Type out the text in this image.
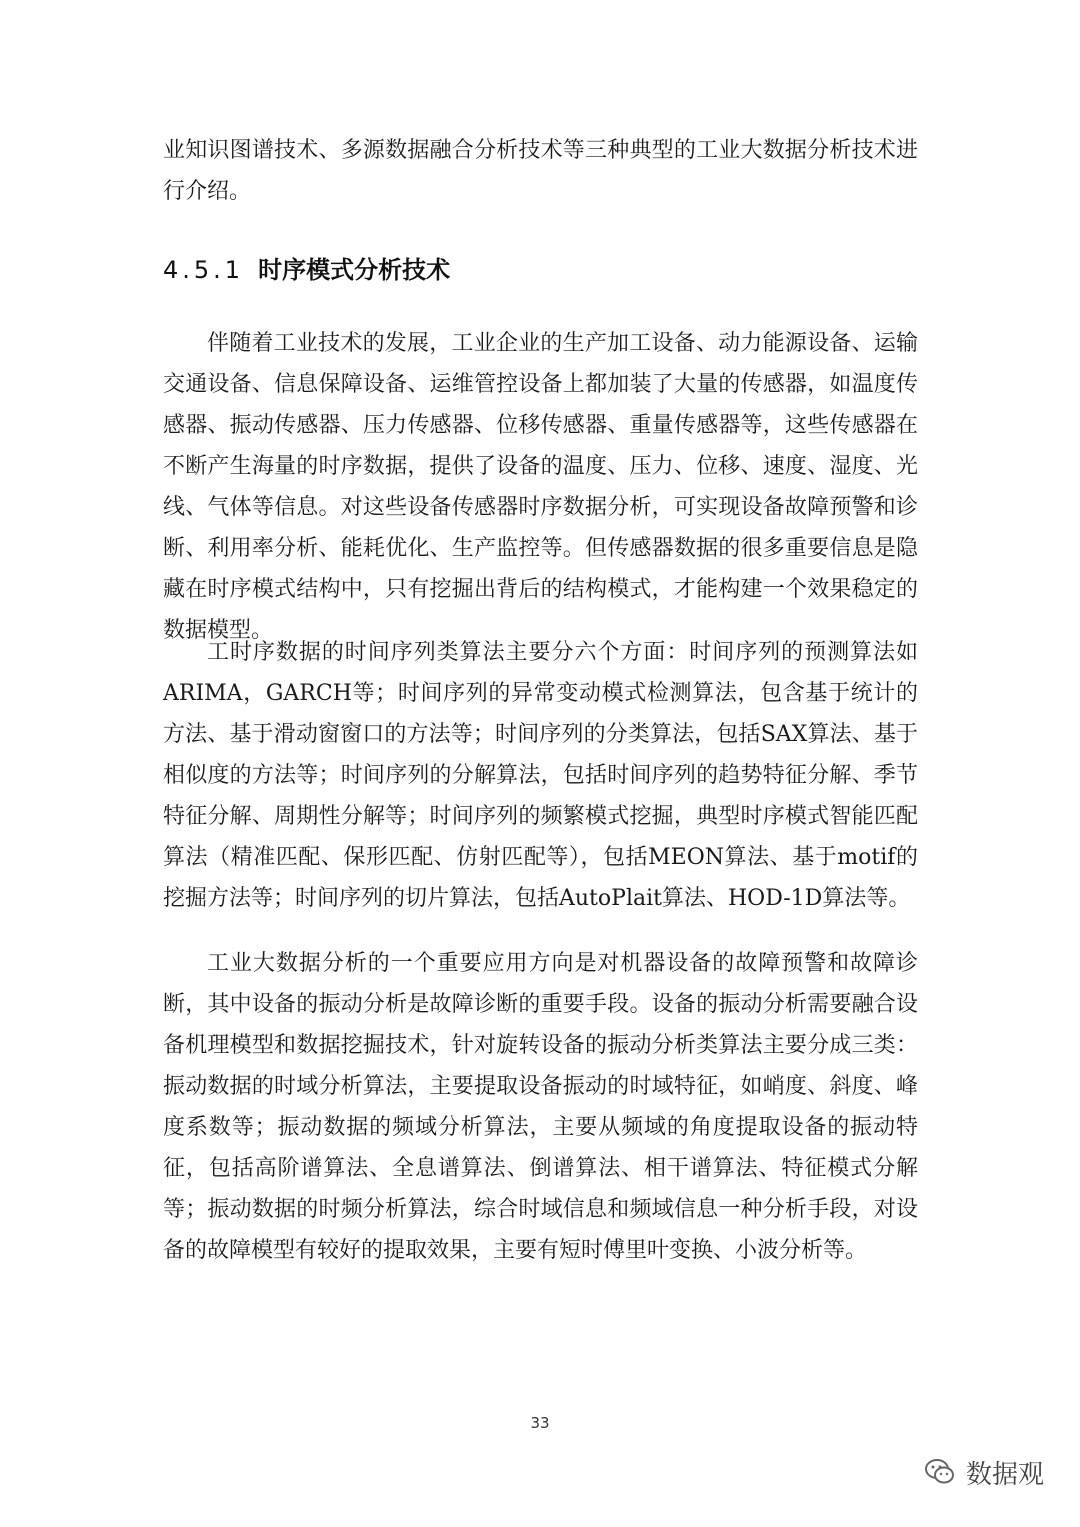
业知识图谱技术、多源数据融合分析技术等三种典型的工业大数据分析技术进行介绍。

4.5.1 时序模式分析技术

伴随着工业技术的发展，工业企业的生产加工设备、动力能源设备、运输交通设备、信息保障设备、运维管控设备上都加装了大量的传感器，如温度传感器、振动传感器、压力传感器、位移传感器、重量传感器等，这些传感器在不断产生海量的时序数据，提供了设备的温度、压力、位移、速度、湿度、光线、气体等信息。对这些设备传感器时序数据分析，可实现设备故障预警和诊断、利用率分析、能耗优化、生产监控等。但传感器数据的很多重要信息是隐藏在时序模式结构中，只有挖掘出背后的结构模式，才能构建一个效果稳定的数据模型。

工时序数据的时间序列类算法主要分六个方面：时间序列的预测算法如ARIMA，GARCH等；时间序列的异常变动模式检测算法，包含基于统计的方法、基于滑动窗窗口的方法等；时间序列的分类算法，包括SAX算法、基于相似度的方法等；时间序列的分解算法，包括时间序列的趋势特征分解、季节特征分解、周期性分解等；时间序列的频繁模式挖掘，典型时序模式智能匹配算法（精准匹配、保形匹配、仿射匹配等），包括MEON算法、基于motif的挖掘方法等；时间序列的切片算法，包括AutoPlait算法、HOD-1D算法等。

工业大数据分析的一个重要应用方向是对机器设备的故障预警和故障诊断，其中设备的振动分析是故障诊断的重要手段。设备的振动分析需要融合设备机理模型和数据挖掘技术，针对旋转设备的振动分析类算法主要分成三类：振动数据的时域分析算法，主要提取设备振动的时域特征，如峭度、斜度、峰度系数等；振动数据的频域分析算法，主要从频域的角度提取设备的振动特征，包括高阶谱算法、全息谱算法、倒谱算法、相干谱算法、特征模式分解等；振动数据的时频分析算法，综合时域信息和频域信息一种分析手段，对设备的故障模型有较好的提取效果，主要有短时傅里叶变换、小波分析等。

33
数据观
